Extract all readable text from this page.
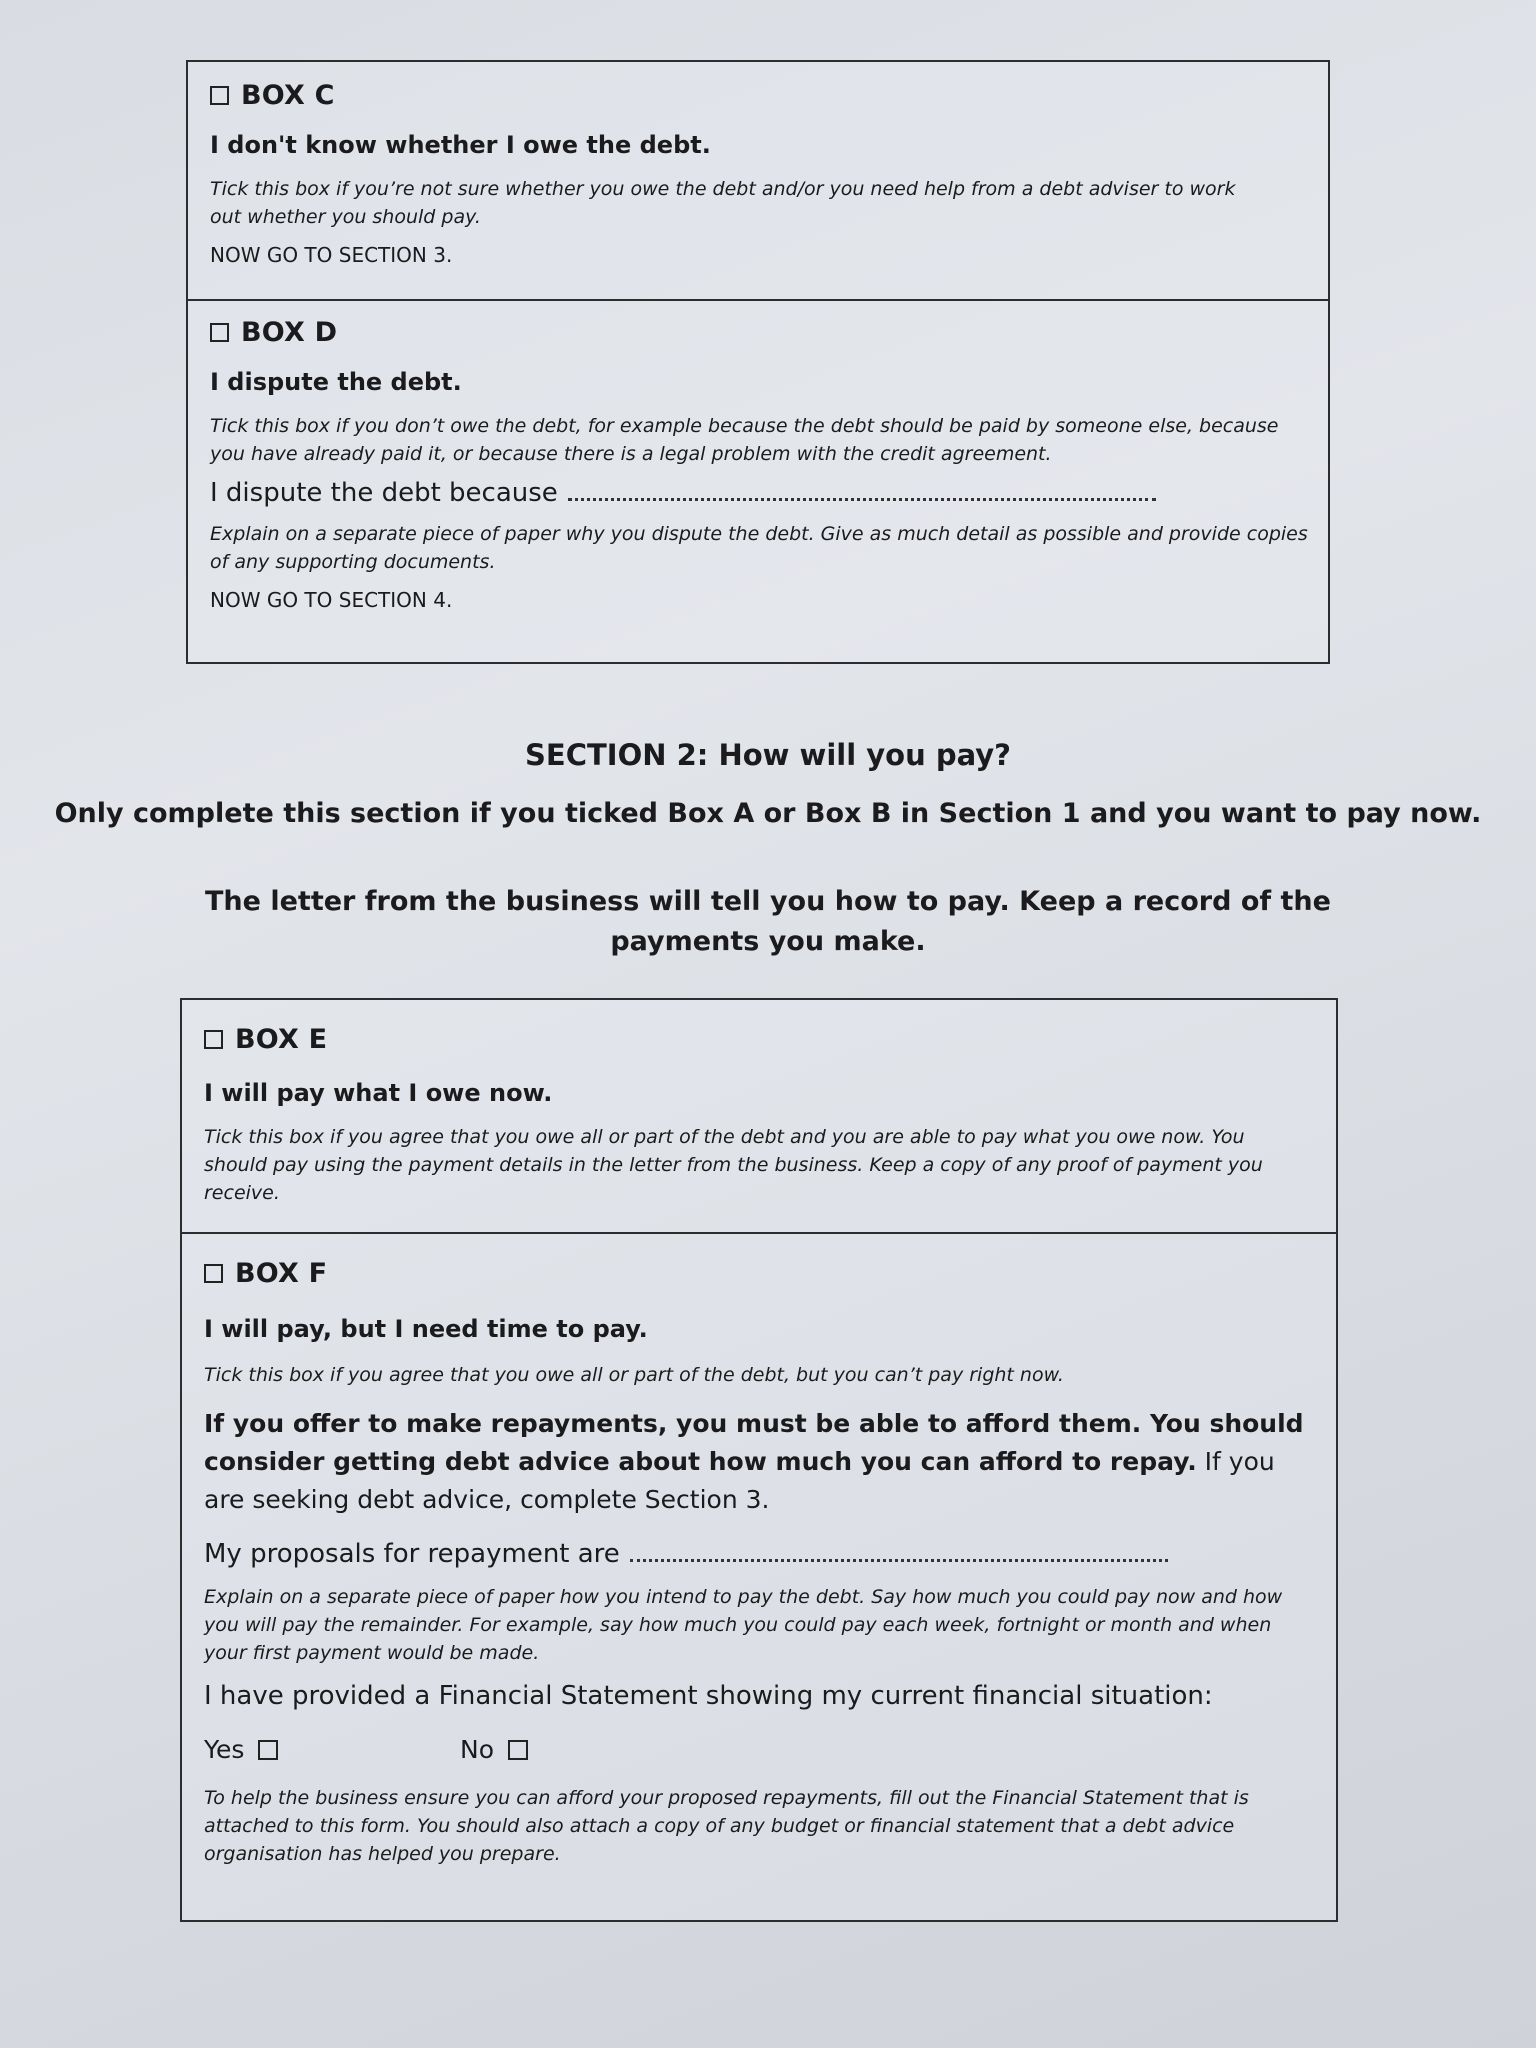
BOX C
I don't know whether I owe the debt.
Tick this box if you’re not sure whether you owe the debt and/or you need help from a debt adviser to work out whether you should pay.
NOW GO TO SECTION 3.
BOX D
I dispute the debt.
Tick this box if you don’t owe the debt, for example because the debt should be paid by someone else, because you have already paid it, or because there is a legal problem with the credit agreement.
I dispute the debt because
Explain on a separate piece of paper why you dispute the debt. Give as much detail as possible and provide copies of any supporting documents.
NOW GO TO SECTION 4.
SECTION 2: How will you pay?
Only complete this section if you ticked Box A or Box B in Section 1 and you want to pay now.
The letter from the business will tell you how to pay. Keep a record of the
payments you make.
BOX E
I will pay what I owe now.
Tick this box if you agree that you owe all or part of the debt and you are able to pay what you owe now. You should pay using the payment details in the letter from the business. Keep a copy of any proof of payment you receive.
BOX F
I will pay, but I need time to pay.
Tick this box if you agree that you owe all or part of the debt, but you can’t pay right now.
If you offer to make repayments, you must be able to afford them. You should consider getting debt advice about how much you can afford to repay. If you are seeking debt advice, complete Section 3.
My proposals for repayment are
Explain on a separate piece of paper how you intend to pay the debt. Say how much you could pay now and how you will pay the remainder. For example, say how much you could pay each week, fortnight or month and when your first payment would be made.
I have provided a Financial Statement showing my current financial situation:
Yes	No
To help the business ensure you can afford your proposed repayments, fill out the Financial Statement that is attached to this form. You should also attach a copy of any budget or financial statement that a debt advice organisation has helped you prepare.
